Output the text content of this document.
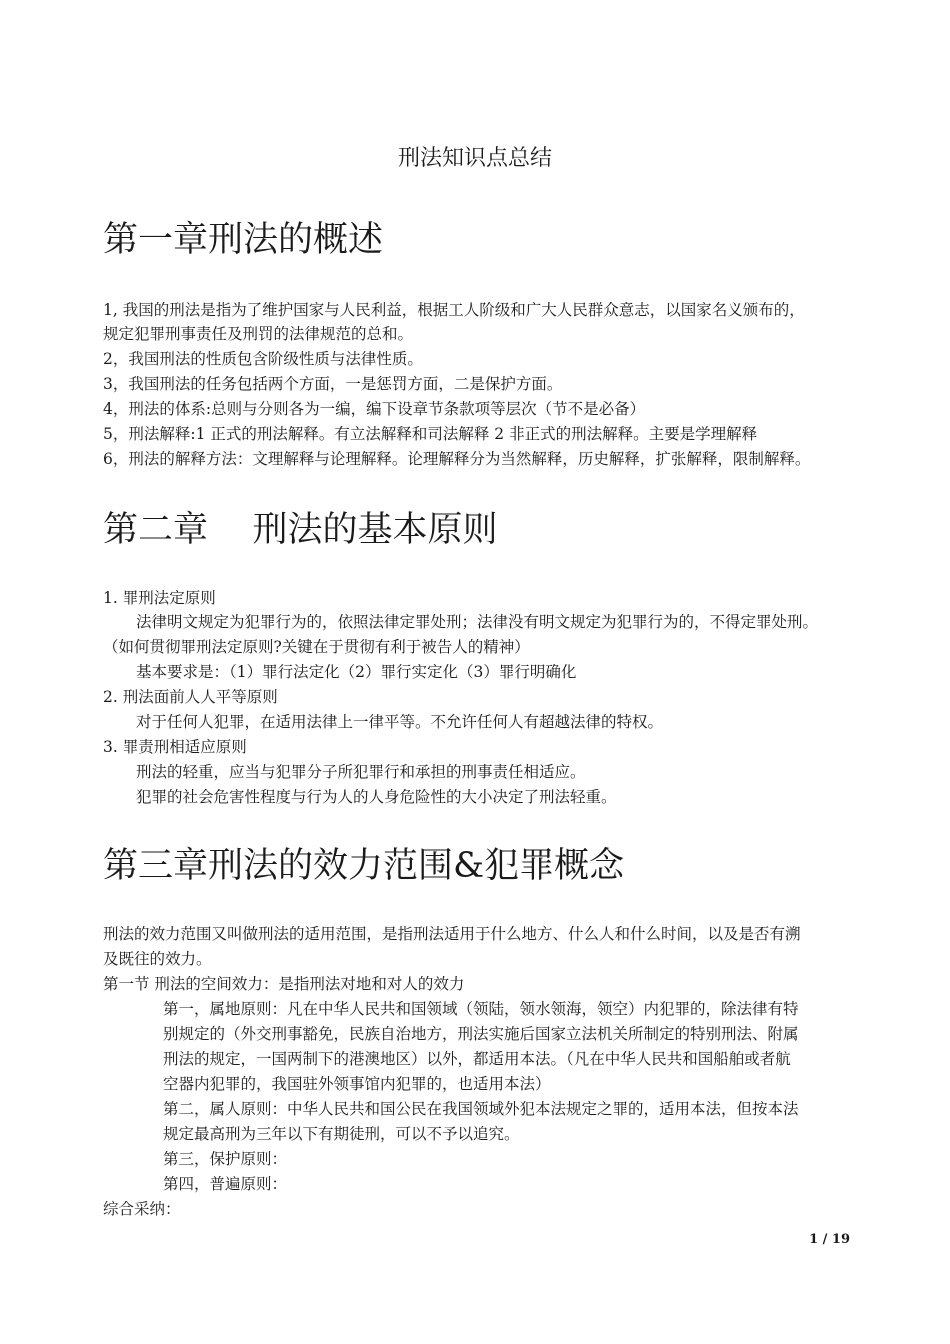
刑法知识点总结
第一章刑法的概述
1, 我国的刑法是指为了维护国家与人民利益，根据工人阶级和广大人民群众意志，以国家名义颁布的，
规定犯罪刑事责任及刑罚的法律规范的总和。
2，我国刑法的性质包含阶级性质与法律性质。
3，我国刑法的任务包括两个方面，一是惩罚方面，二是保护方面。
4，刑法的体系:总则与分则各为一编，编下设章节条款项等层次（节不是必备）
5，刑法解释:1 正式的刑法解释。有立法解释和司法解释 2 非正式的刑法解释。主要是学理解释
6，刑法的解释方法：文理解释与论理解释。论理解释分为当然解释，历史解释，扩张解释，限制解释。
第二章    刑法的基本原则
1. 罪刑法定原则
法律明文规定为犯罪行为的，依照法律定罪处刑；法律没有明文规定为犯罪行为的，不得定罪处刑。
（如何贯彻罪刑法定原则?关键在于贯彻有利于被告人的精神）
基本要求是：（1）罪行法定化（2）罪行实定化（3）罪行明确化
2. 刑法面前人人平等原则
对于任何人犯罪，在适用法律上一律平等。不允许任何人有超越法律的特权。
3. 罪责刑相适应原则
刑法的轻重，应当与犯罪分子所犯罪行和承担的刑事责任相适应。
犯罪的社会危害性程度与行为人的人身危险性的大小决定了刑法轻重。
第三章刑法的效力范围&犯罪概念
刑法的效力范围又叫做刑法的适用范围，是指刑法适用于什么地方、什么人和什么时间，以及是否有溯
及既往的效力。
第一节 刑法的空间效力：是指刑法对地和对人的效力
第一，属地原则：凡在中华人民共和国领域（领陆，领水领海，领空）内犯罪的，除法律有特
别规定的（外交刑事豁免，民族自治地方，刑法实施后国家立法机关所制定的特别刑法、附属
刑法的规定，一国两制下的港澳地区）以外，都适用本法。（凡在中华人民共和国船舶或者航
空器内犯罪的，我国驻外领事馆内犯罪的，也适用本法）
第二，属人原则：中华人民共和国公民在我国领域外犯本法规定之罪的，适用本法，但按本法
规定最高刑为三年以下有期徒刑，可以不予以追究。
第三，保护原则：
第四，普遍原则：
综合采纳：
1 / 19
